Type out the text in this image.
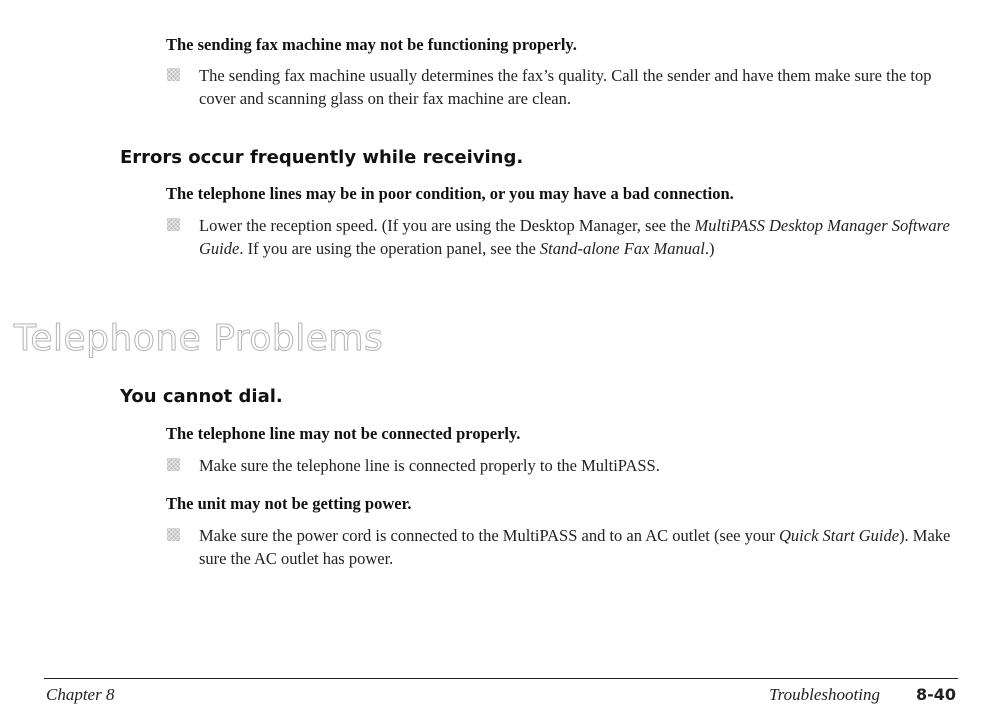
The sending fax machine may not be functioning properly.

The sending fax machine usually determines the fax’s quality. Call the sender and have them make sure the top cover and scanning glass on their fax machine are clean.

Errors occur frequently while receiving.

The telephone lines may be in poor condition, or you may have a bad connection.

Lower the reception speed. (If you are using the Desktop Manager, see the MultiPASS Desktop Manager Software Guide. If you are using the operation panel, see the Stand-alone Fax Manual.)

Telephone Problems
You cannot dial.

The telephone line may not be connected properly.

Make sure the telephone line is connected properly to the MultiPASS.

The unit may not be getting power.

Make sure the power cord is connected to the MultiPASS and to an AC outlet (see your Quick Start Guide). Make sure the AC outlet has power.

Chapter 8	Troubleshooting 8-40
